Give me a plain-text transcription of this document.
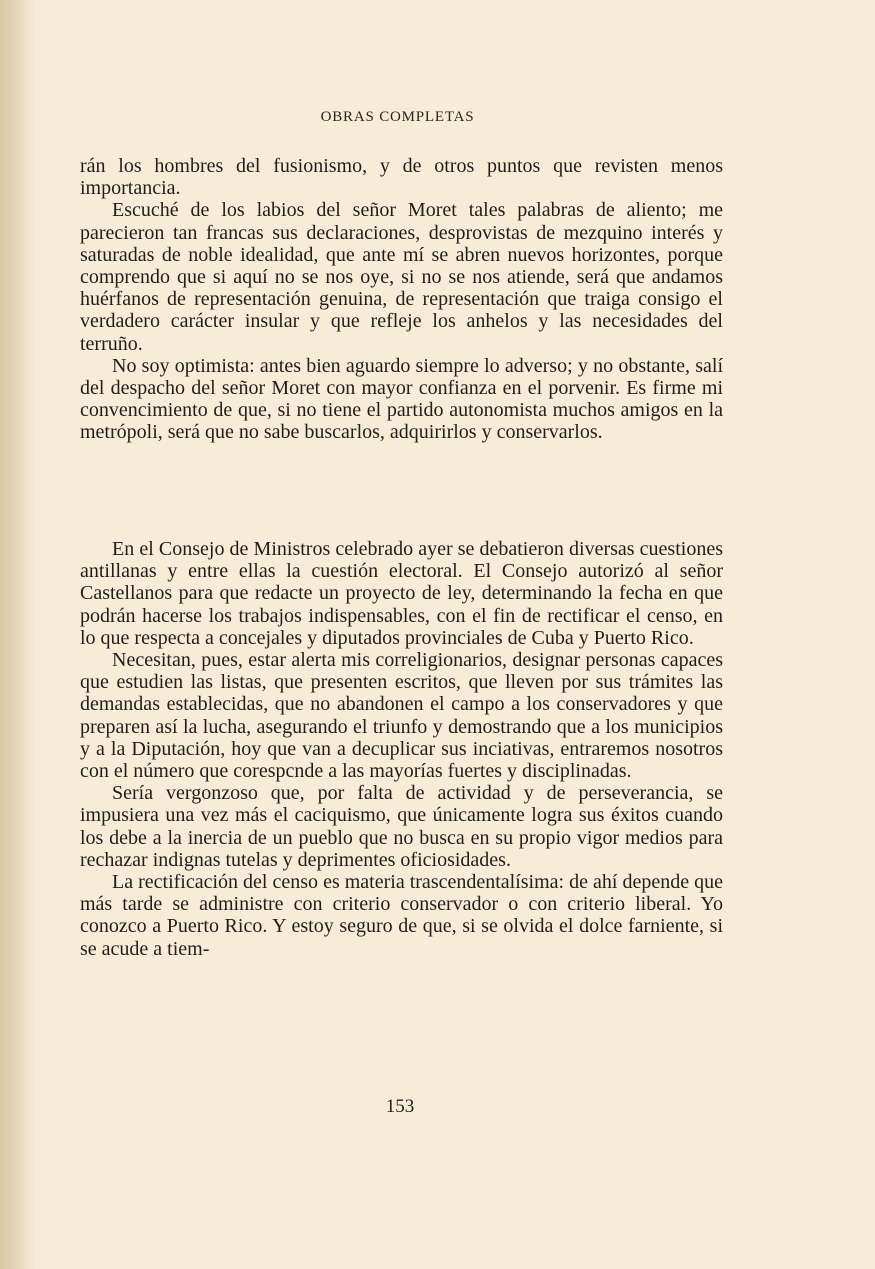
OBRAS COMPLETAS

rán los hombres del fusionismo, y de otros puntos que revisten menos importancia.

Escuché de los labios del señor Moret tales palabras de aliento; me parecieron tan francas sus declaraciones, desprovistas de mezquino interés y saturadas de noble idealidad, que ante mí se abren nuevos horizontes, porque comprendo que si aquí no se nos oye, si no se nos atiende, será que andamos huérfanos de representación genuina, de representación que traiga consigo el verdadero carácter insular y que refleje los anhelos y las necesidades del terruño.

No soy optimista: antes bien aguardo siempre lo adverso; y no obstante, salí del despacho del señor Moret con mayor confianza en el porvenir. Es firme mi convencimiento de que, si no tiene el partido autonomista muchos amigos en la metrópoli, será que no sabe buscarlos, adquirirlos y conservarlos.

En el Consejo de Ministros celebrado ayer se debatieron diversas cuestiones antillanas y entre ellas la cuestión electoral. El Consejo autorizó al señor Castellanos para que redacte un proyecto de ley, determinando la fecha en que podrán hacerse los trabajos indispensables, con el fin de rectificar el censo, en lo que respecta a concejales y diputados provinciales de Cuba y Puerto Rico.

Necesitan, pues, estar alerta mis correligionarios, designar personas capaces que estudien las listas, que presenten escritos, que lleven por sus trámites las demandas establecidas, que no abandonen el campo a los conservadores y que preparen así la lucha, asegurando el triunfo y demostrando que a los municipios y a la Diputación, hoy que van a decuplicar sus inciativas, entraremos nosotros con el número que corespcnde a las mayorías fuertes y disciplinadas.

Sería vergonzoso que, por falta de actividad y de perseverancia, se impusiera una vez más el caciquismo, que únicamente logra sus éxitos cuando los debe a la inercia de un pueblo que no busca en su propio vigor medios para rechazar indignas tutelas y deprimentes oficiosidades.

La rectificación del censo es materia trascendentalísima: de ahí depende que más tarde se administre con criterio conservador o con criterio liberal. Yo conozco a Puerto Rico. Y estoy seguro de que, si se olvida el dolce farniente, si se acude a tiem-

153
